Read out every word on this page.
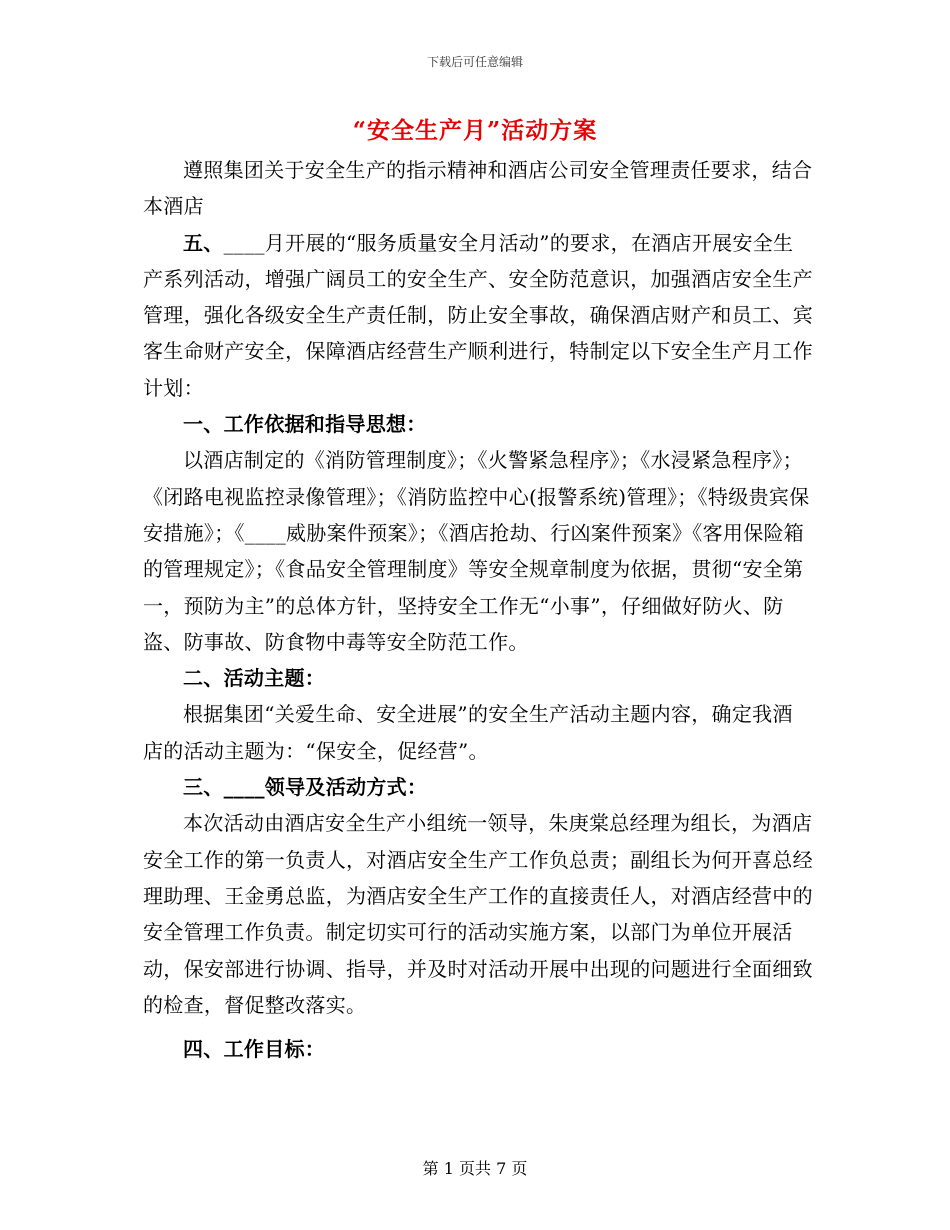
下载后可任意编辑
“安全生产月”活动方案

遵照集团关于安全生产的指示精神和酒店公司安全管理责任要求，结合本酒店

五、____月开展的“服务质量安全月活动”的要求，在酒店开展安全生产系列活动，增强广阔员工的安全生产、安全防范意识，加强酒店安全生产管理，强化各级安全生产责任制，防止安全事故，确保酒店财产和员工、宾客生命财产安全，保障酒店经营生产顺利进行，特制定以下安全生产月工作计划：

一、工作依据和指导思想：

以酒店制定的《消防管理制度》；《火警紧急程序》；《水浸紧急程序》；《闭路电视监控录像管理》；《消防监控中心(报警系统)管理》；《特级贵宾保安措施》；《____威胁案件预案》；《酒店抢劫、行凶案件预案》《客用保险箱的管理规定》；《食品安全管理制度》等安全规章制度为依据，贯彻“安全第一，预防为主”的总体方针，坚持安全工作无“小事”，仔细做好防火、防盗、防事故、防食物中毒等安全防范工作。

二、活动主题：

根据集团“关爱生命、安全进展”的安全生产活动主题内容，确定我酒店的活动主题为：“保安全，促经营”。

三、____领导及活动方式：

本次活动由酒店安全生产小组统一领导，朱庚棠总经理为组长，为酒店安全工作的第一负责人，对酒店安全生产工作负总责；副组长为何开喜总经理助理、王金勇总监，为酒店安全生产工作的直接责任人，对酒店经营中的安全管理工作负责。制定切实可行的活动实施方案，以部门为单位开展活动，保安部进行协调、指导，并及时对活动开展中出现的问题进行全面细致的检查，督促整改落实。

四、工作目标：

第 1 页共 7 页
